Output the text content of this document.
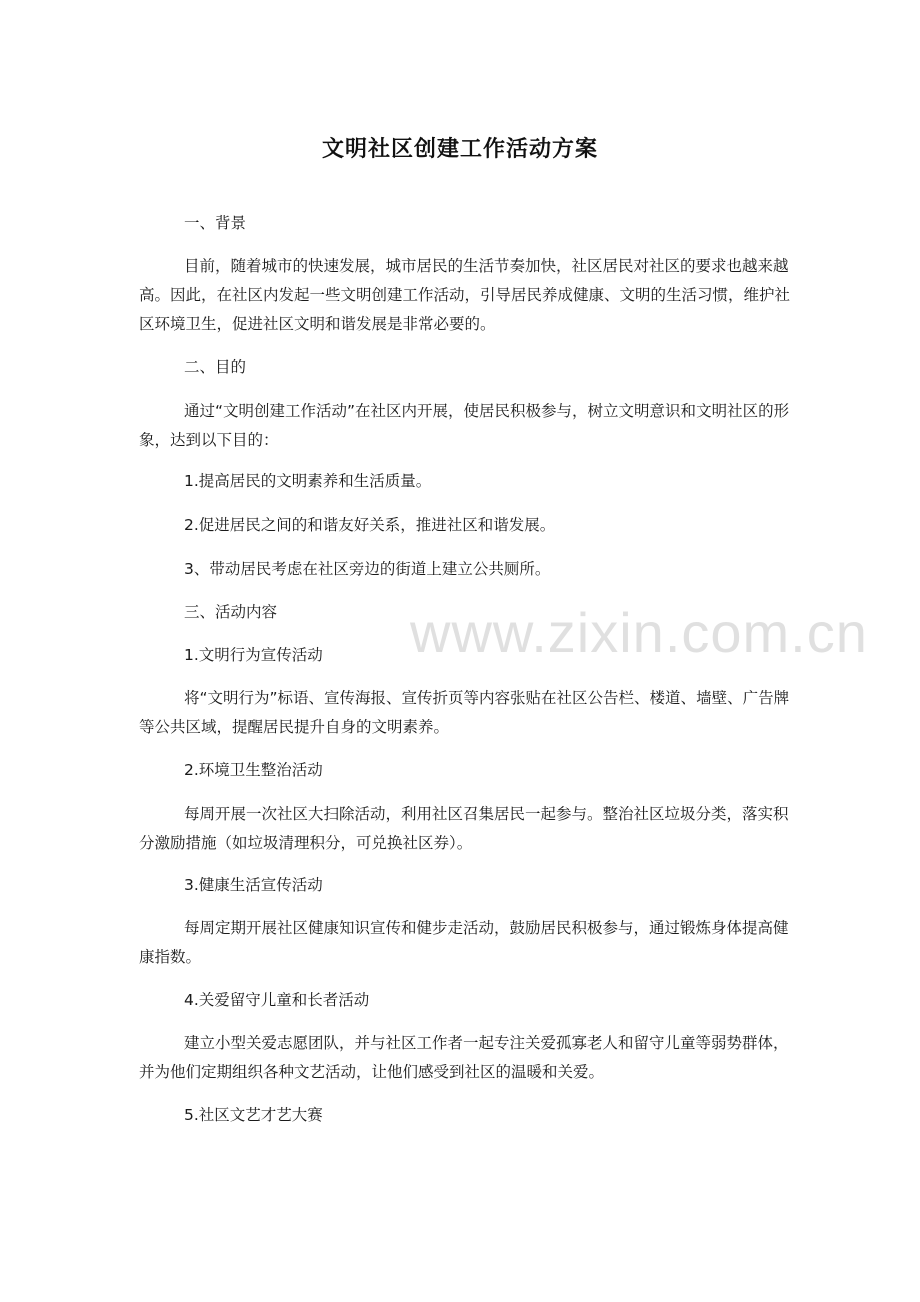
文明社区创建工作活动方案
一、背景
目前，随着城市的快速发展，城市居民的生活节奏加快，社区居民对社区的要求也越来越高。因此，在社区内发起一些文明创建工作活动，引导居民养成健康、文明的生活习惯，维护社区环境卫生，促进社区文明和谐发展是非常必要的。
二、目的
通过“文明创建工作活动”在社区内开展，使居民积极参与，树立文明意识和文明社区的形象，达到以下目的：
1.提高居民的文明素养和生活质量。
2.促进居民之间的和谐友好关系，推进社区和谐发展。
3、带动居民考虑在社区旁边的街道上建立公共厕所。
三、活动内容
1.文明行为宣传活动
将“文明行为”标语、宣传海报、宣传折页等内容张贴在社区公告栏、楼道、墙壁、广告牌等公共区域，提醒居民提升自身的文明素养。
2.环境卫生整治活动
每周开展一次社区大扫除活动，利用社区召集居民一起参与。整治社区垃圾分类，落实积分激励措施（如垃圾清理积分，可兑换社区券）。
3.健康生活宣传活动
每周定期开展社区健康知识宣传和健步走活动，鼓励居民积极参与，通过锻炼身体提高健康指数。
4.关爱留守儿童和长者活动
建立小型关爱志愿团队，并与社区工作者一起专注关爱孤寡老人和留守儿童等弱势群体，并为他们定期组织各种文艺活动，让他们感受到社区的温暖和关爱。
5.社区文艺才艺大赛
www.zixin.com.cn
